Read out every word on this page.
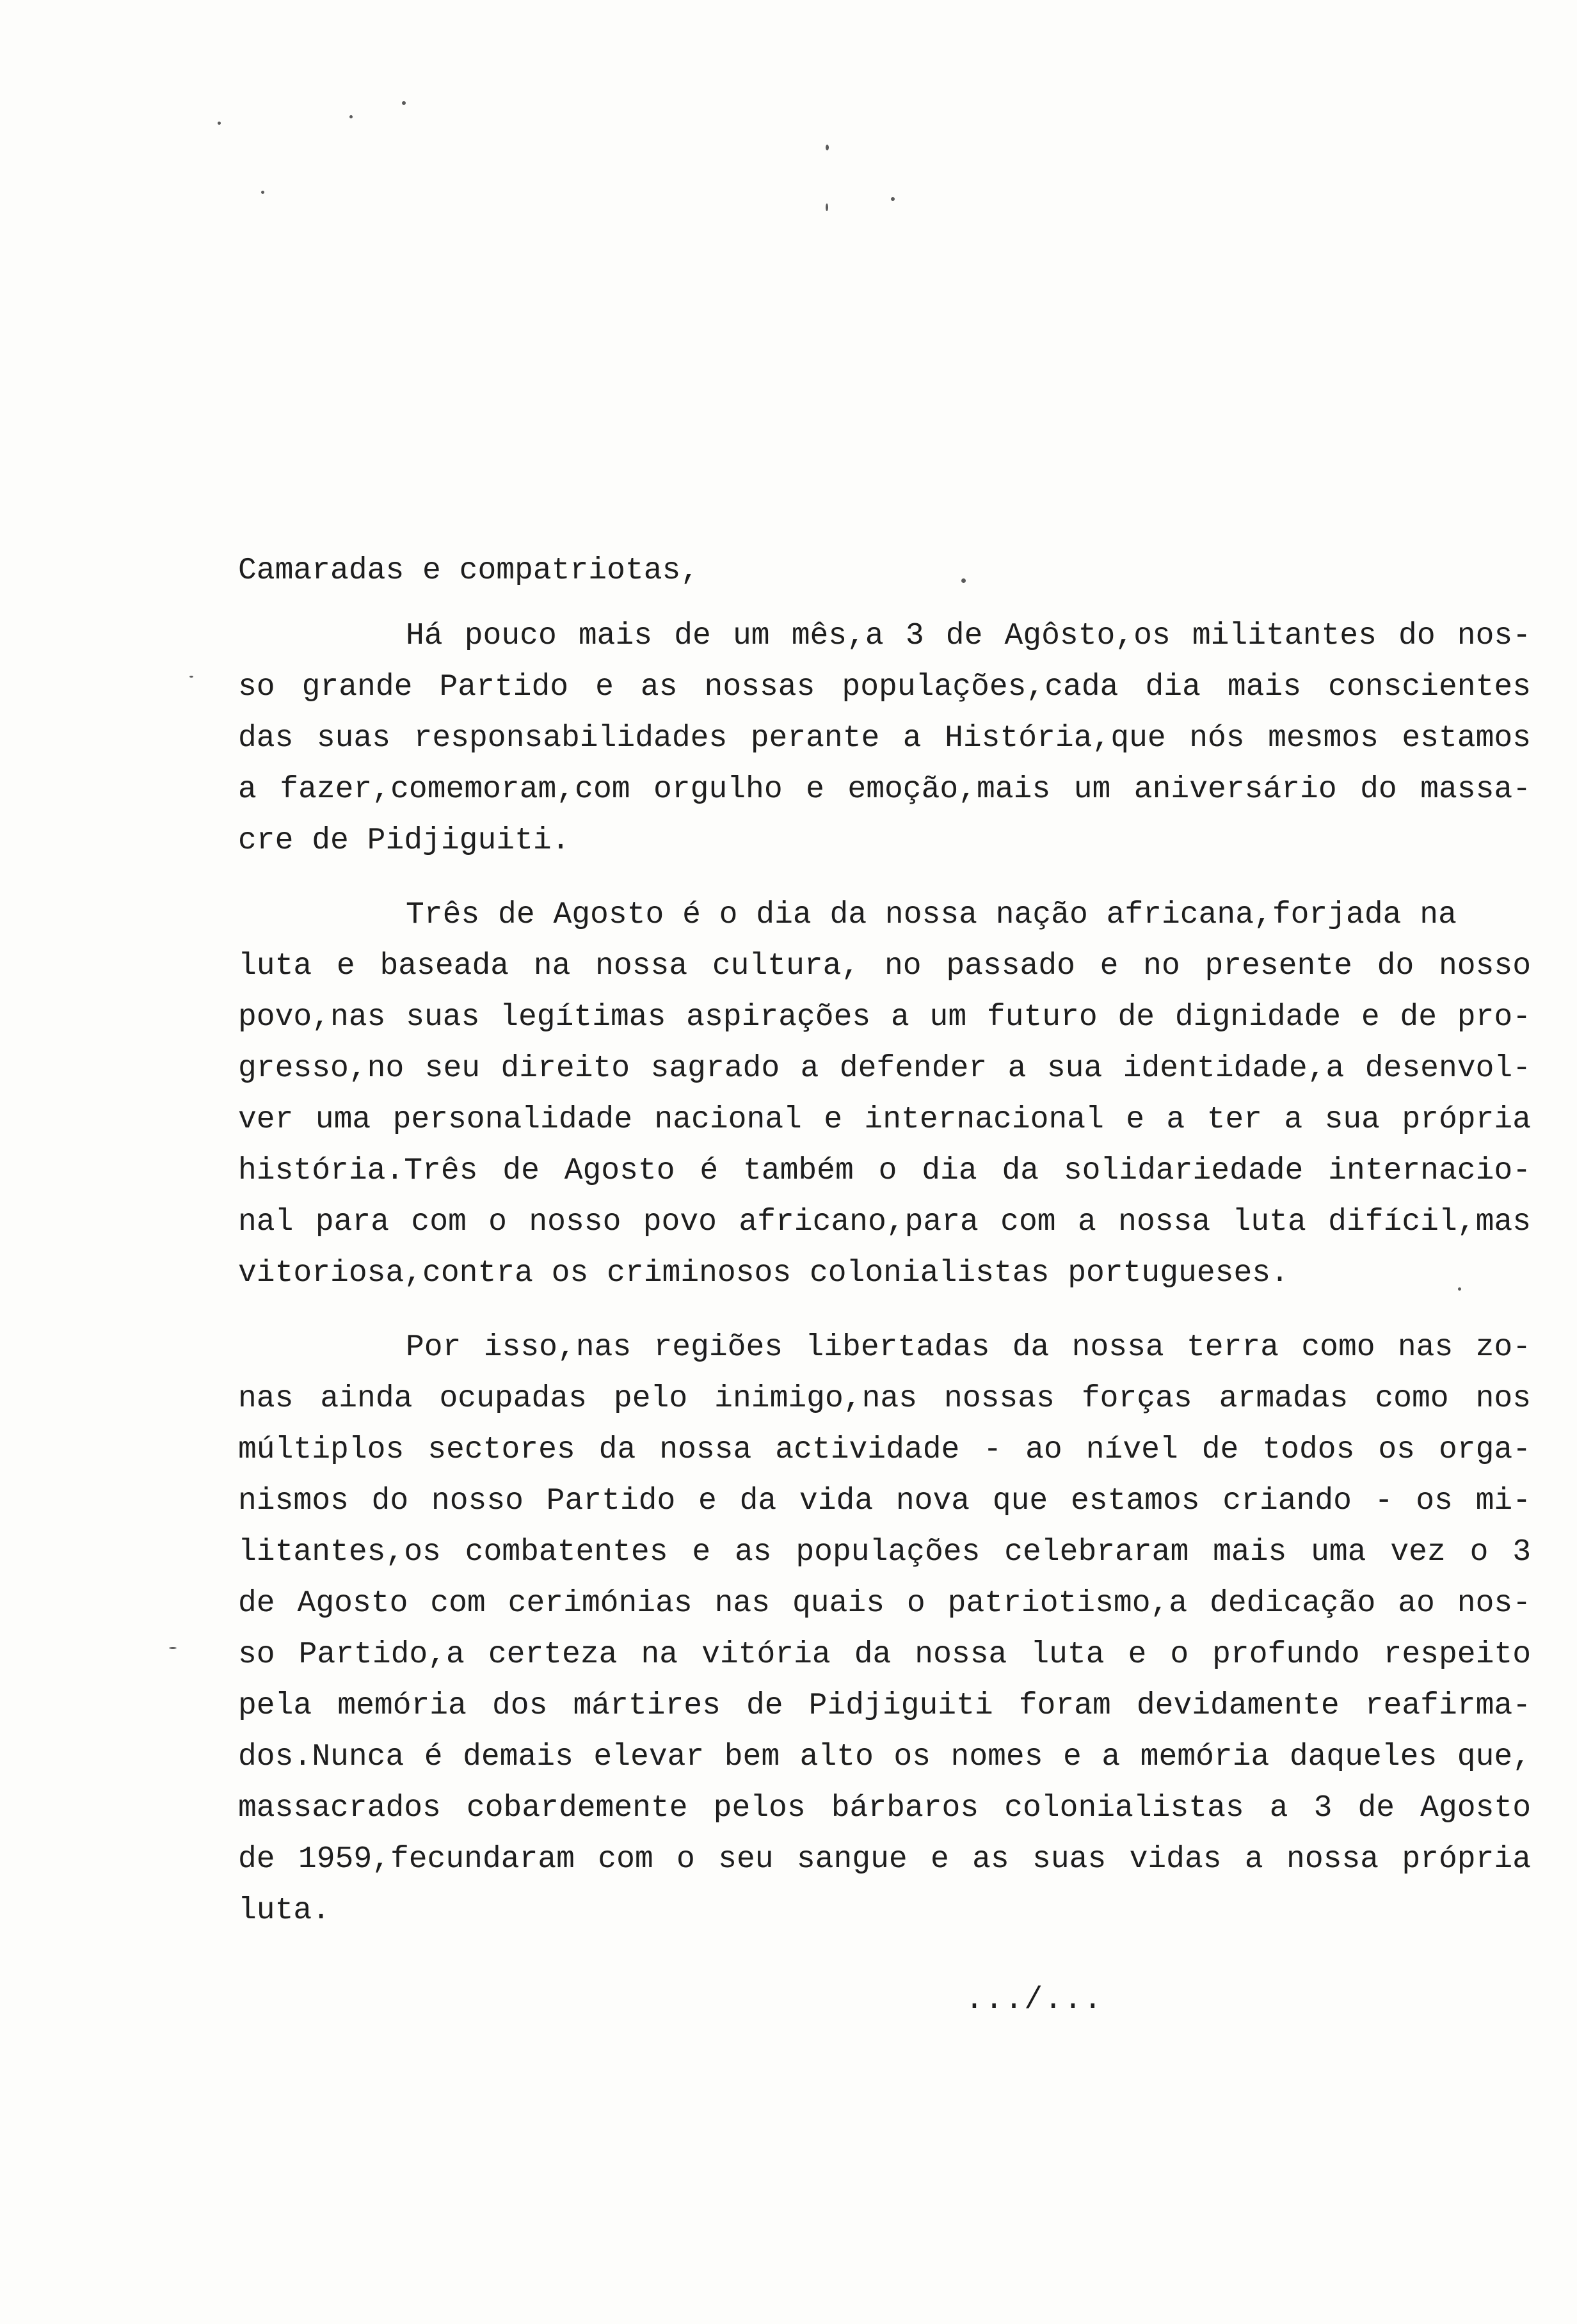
Camaradas e compatriotas,
Há pouco mais de um mês,a 3 de Agôsto,os militantes do nos-
so grande Partido e as nossas populações,cada dia mais conscientes
das suas responsabilidades perante a História,que nós mesmos estamos
a fazer,comemoram,com orgulho e emoção,mais um aniversário do massa-
cre de Pidjiguiti.
Três de Agosto é o dia da nossa nação africana,forjada na
luta e baseada na nossa cultura, no passado e no presente do nosso
povo,nas suas legítimas aspirações a um futuro de dignidade e de pro-
gresso,no seu direito sagrado a defender a sua identidade,a desenvol-
ver uma personalidade nacional e internacional e a ter a sua própria
história.Três de Agosto é também o dia da solidariedade internacio-
nal para com o nosso povo africano,para com a nossa luta difícil,mas
vitoriosa,contra os criminosos colonialistas portugueses.
Por isso,nas regiões libertadas da nossa terra como nas zo-
nas ainda ocupadas pelo inimigo,nas nossas forças armadas como nos
múltiplos sectores da nossa actividade - ao nível de todos os orga-
nismos do nosso Partido e da vida nova que estamos criando - os mi-
litantes,os combatentes e as populações celebraram mais uma vez o 3
de Agosto com cerimónias nas quais o patriotismo,a dedicação ao nos-
so Partido,a certeza na vitória da nossa luta e o profundo respeito
pela memória dos mártires de Pidjiguiti foram devidamente reafirma-
dos.Nunca é demais elevar bem alto os nomes e a memória daqueles que,
massacrados cobardemente pelos bárbaros colonialistas a 3 de Agosto
de 1959,fecundaram com o seu sangue e as suas vidas a nossa própria
luta.
.../...
